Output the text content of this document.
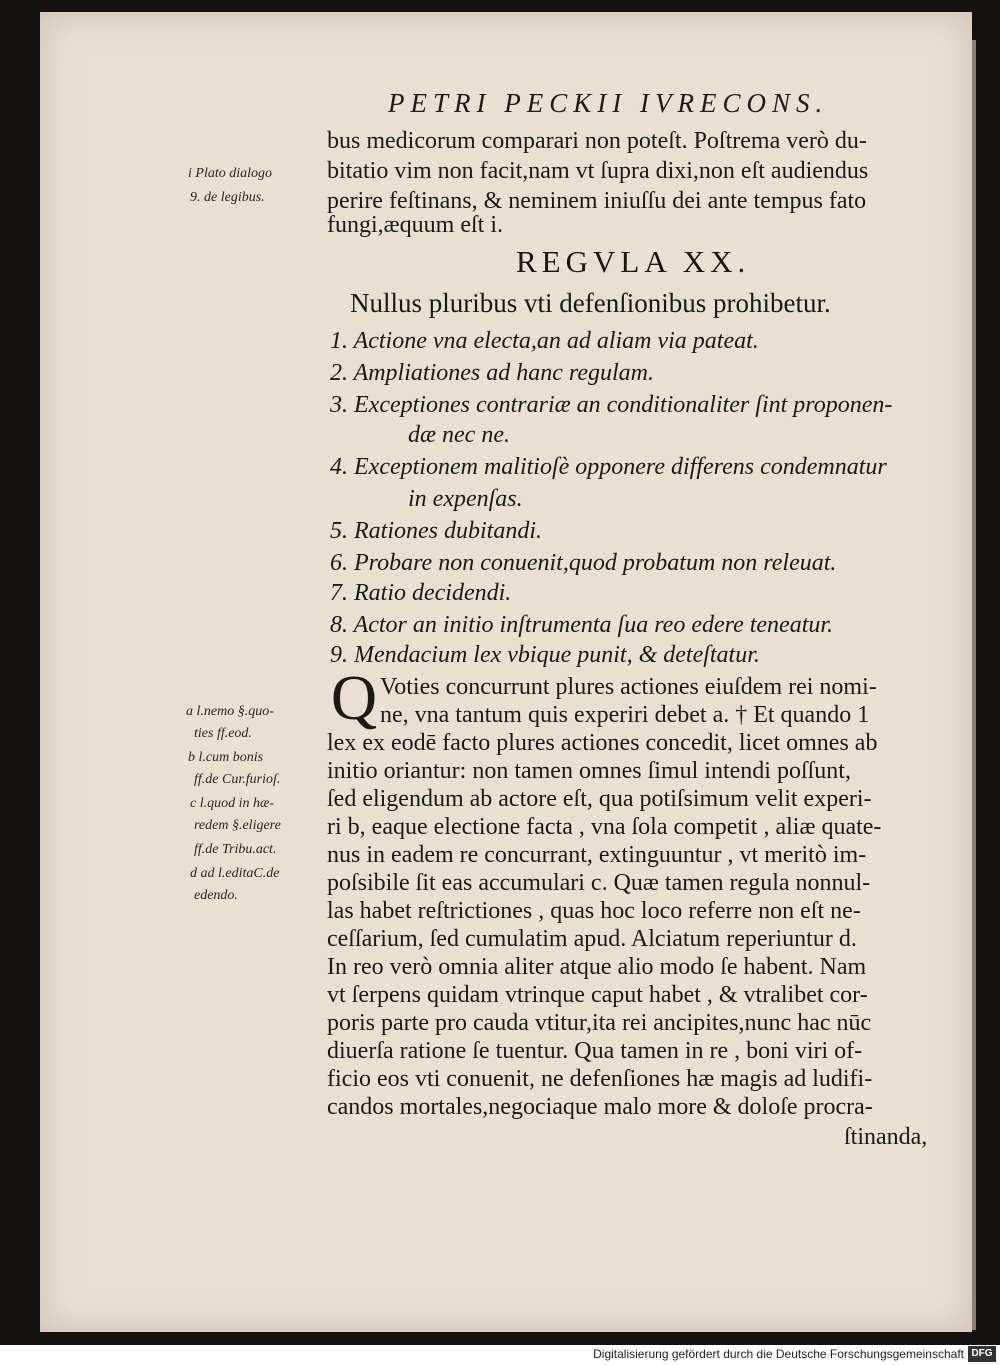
PETRI PECKII IVRECONS.
bus medicorum comparari non poteſt. Poſtrema verò du-
bitatio vim non facit,nam vt ſupra dixi,non eſt audiendus
perire feſtinans, & neminem iniuſſu dei ante tempus fato
fungi,æquum eſt i.
i Plato dialogo
9. de legibus.
REGVLA XX.
Nullus pluribus vti defenſionibus prohibetur.
1. Actione vna electa,an ad aliam via pateat.
2. Ampliationes ad hanc regulam.
3. Exceptiones contrariæ an conditionaliter ſint proponen-
dæ nec ne.
4. Exceptionem malitioſè opponere differens condemnatur
in expenſas.
5. Rationes dubitandi.
6. Probare non conuenit,quod probatum non releuat.
7. Ratio decidendi.
8. Actor an initio inſtrumenta ſua reo edere teneatur.
9. Mendacium lex vbique punit, & deteſtatur.
Q Voties concurrunt plures actiones eiuſdem rei nomi-
ne, vna tantum quis experiri debet a. † Et quando 1
lex ex eodē facto plures actiones concedit, licet omnes ab
initio oriantur: non tamen omnes ſimul intendi poſſunt,
ſed eligendum ab actore eſt, qua potiſsimum velit experi-
ri b, eaque electione facta , vna ſola competit , aliæ quate-
nus in eadem re concurrant, extinguuntur , vt meritò im-
poſsibile ſit eas accumulari c. Quæ tamen regula nonnul-
las habet reſtrictiones , quas hoc loco referre non eſt ne-
ceſſarium, ſed cumulatim apud. Alciatum reperiuntur d.
In reo verò omnia aliter atque alio modo ſe habent. Nam
vt ſerpens quidam vtrinque caput habet , & vtralibet cor-
poris parte pro cauda vtitur,ita rei ancipites,nunc hac nūc
diuerſa ratione ſe tuentur. Qua tamen in re , boni viri of-
ficio eos vti conuenit, ne defenſiones hæ magis ad ludifi-
candos mortales,negociaque malo more & doloſe procra-
ſtinanda,
a l.nemo §.quo-
ties ff.eod.
b l.cum bonis
ff.de Cur.furioſ.
c l.quod in hæ-
redem §.eligere
ff.de Tribu.act.
d ad l.editaC.de
edendo.
Digitalisierung gefördert durch die Deutsche Forschungsgemeinschaft DFG
